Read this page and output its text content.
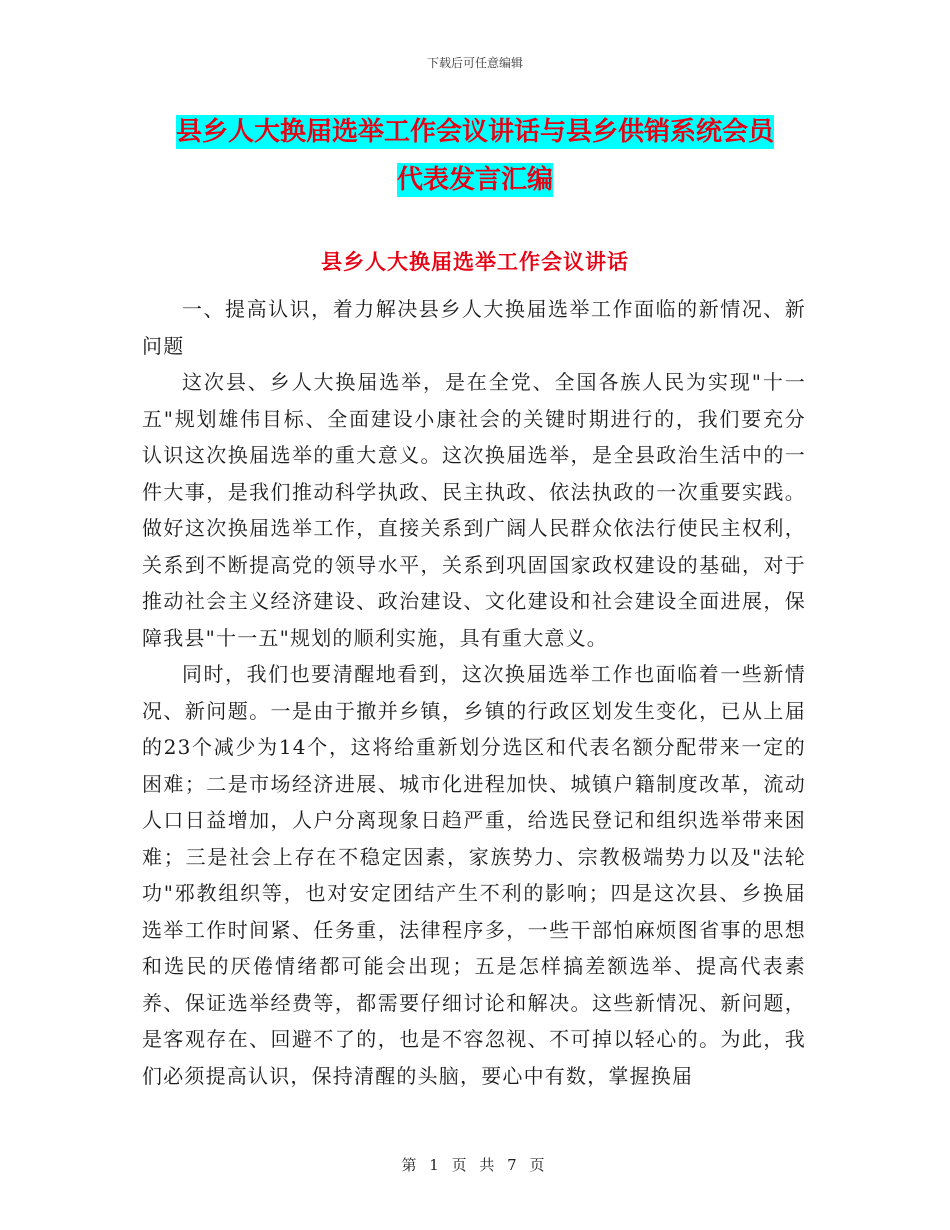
下载后可任意编辑
县乡人大换届选举工作会议讲话与县乡供销系统会员
代表发言汇编
县乡人大换届选举工作会议讲话

一、提高认识，着力解决县乡人大换届选举工作面临的新情况、新问题

这次县、乡人大换届选举，是在全党、全国各族人民为实现"十一五"规划雄伟目标、全面建设小康社会的关键时期进行的，我们要充分认识这次换届选举的重大意义。这次换届选举，是全县政治生活中的一件大事，是我们推动科学执政、民主执政、依法执政的一次重要实践。做好这次换届选举工作，直接关系到广阔人民群众依法行使民主权利，关系到不断提高党的领导水平，关系到巩固国家政权建设的基础，对于推动社会主义经济建设、政治建设、文化建设和社会建设全面进展，保障我县"十一五"规划的顺利实施，具有重大意义。

同时，我们也要清醒地看到，这次换届选举工作也面临着一些新情况、新问题。一是由于撤并乡镇，乡镇的行政区划发生变化，已从上届的23个减少为14个，这将给重新划分选区和代表名额分配带来一定的困难；二是市场经济进展、城市化进程加快、城镇户籍制度改革，流动人口日益增加，人户分离现象日趋严重，给选民登记和组织选举带来困难；三是社会上存在不稳定因素，家族势力、宗教极端势力以及"法轮功"邪教组织等，也对安定团结产生不利的影响；四是这次县、乡换届选举工作时间紧、任务重，法律程序多，一些干部怕麻烦图省事的思想和选民的厌倦情绪都可能会出现；五是怎样搞差额选举、提高代表素养、保证选举经费等，都需要仔细讨论和解决。这些新情况、新问题，是客观存在、回避不了的，也是不容忽视、不可掉以轻心的。为此，我们必须提高认识，保持清醒的头脑，要心中有数，掌握换届

第 1 页 共 7 页
